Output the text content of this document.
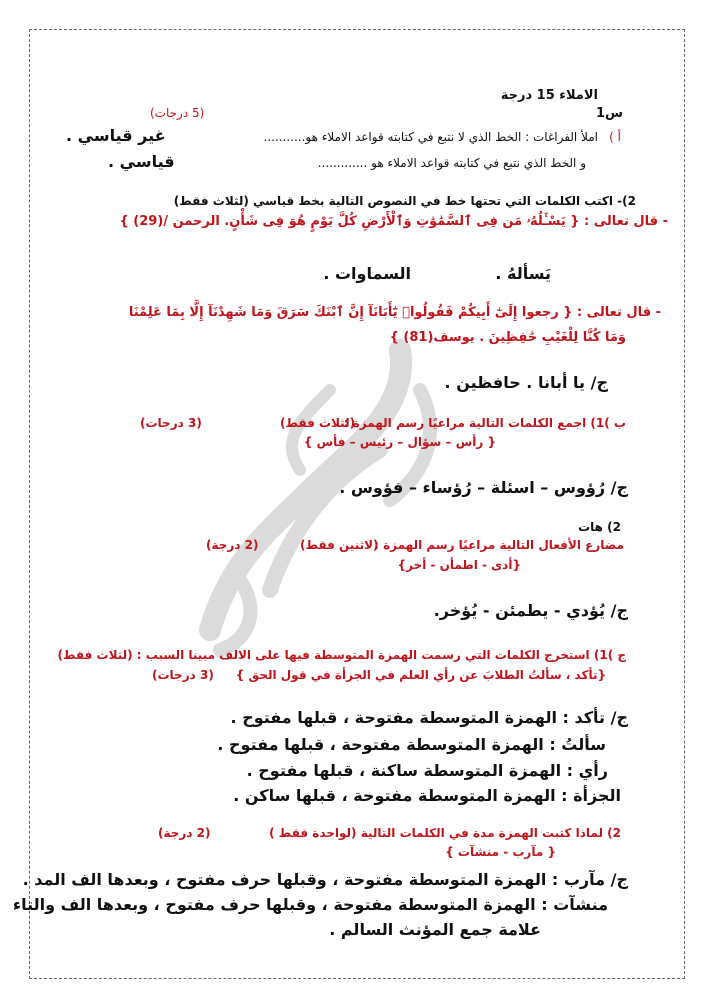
الاملاء 15 درجة
س1
(5 درجات)
أ )
املأ الفراغات : الخط الذي لا نتبع في كتابته قواعد الاملاء هو...........
غير قياسي .
و الخط الذي نتبع في كتابته قواعد الاملاء هو .............
قياسي .
2)- اكتب الكلمات التي تحتها خط في النصوص التالية بخط قياسي (لثلاث فقط)
- قال تعالى : { يَسْـَٔلُهُۥ مَن فِى ٱلسَّمَٰوَٰتِ وَٱلْأَرْضِ كُلَّ يَوْمٍ هُوَ فِى شَأْنٍ. الرحمن /(29) }
يَسألهُ .
السماوات .
- قال تعالى : { رجعوا إِلَىٰٓ أَبِيكُمْ فَقُولُوا۟ يَٰٓأَبَانَآ إِنَّ ٱبْنَكَ سَرَقَ وَمَا شَهِدْنَآ إِلَّا بِمَا عَلِمْنَا
وَمَا كُنَّا لِلْغَيْبِ حَٰفِظِينَ . يوسف(81) }
ج/ يا أبانا . حافظين .
ب )1) اجمع الكلمات التالية مراعيًا رسم الهمزة :
(لثلاث فقط)
(3 درجات)
{ رأس – سؤال – رئيس – فأس }
ج/ رُؤوس – اسئلة – رُؤساء – فؤوس .
2) هات
مضارع الأفعال التالية مراعيًا رسم الهمزة :
(لاثنين فقط)
(2 درجة)
{أدى - اطمأن - أخر}
ج/ يُؤدي - يطمئن - يُؤخر.
ج )1) استخرج الكلمات التي رسمت الهمزة المتوسطة فيها على الالف مبينا السبب : (لثلاث فقط)
{تأكد ، سألتُ الطلابَ عن رأي العلم في الجزأة في قول الحق }
(3 درجات)
ج/ تأكد : الهمزة المتوسطة مفتوحة ، قبلها مفتوح .
سألتُ : الهمزة المتوسطة مفتوحة ، قبلها مفتوح .
رأي : الهمزة المتوسطة ساكنة ، قبلها مفتوح .
الجزأة : الهمزة المتوسطة مفتوحة ، قبلها ساكن .
2) لماذا كتبت الهمزة مدة في الكلمات التالية (لواحدة فقط )
(2 درجة)
{ مآرب - منشآت }
ج/ مآرب : الهمزة المتوسطة مفتوحة ، وقبلها حرف مفتوح ، وبعدها الف المد .
منشآت : الهمزة المتوسطة مفتوحة ، وقبلها حرف مفتوح ، وبعدها الف والتاء
علامة جمع المؤنث السالم .
